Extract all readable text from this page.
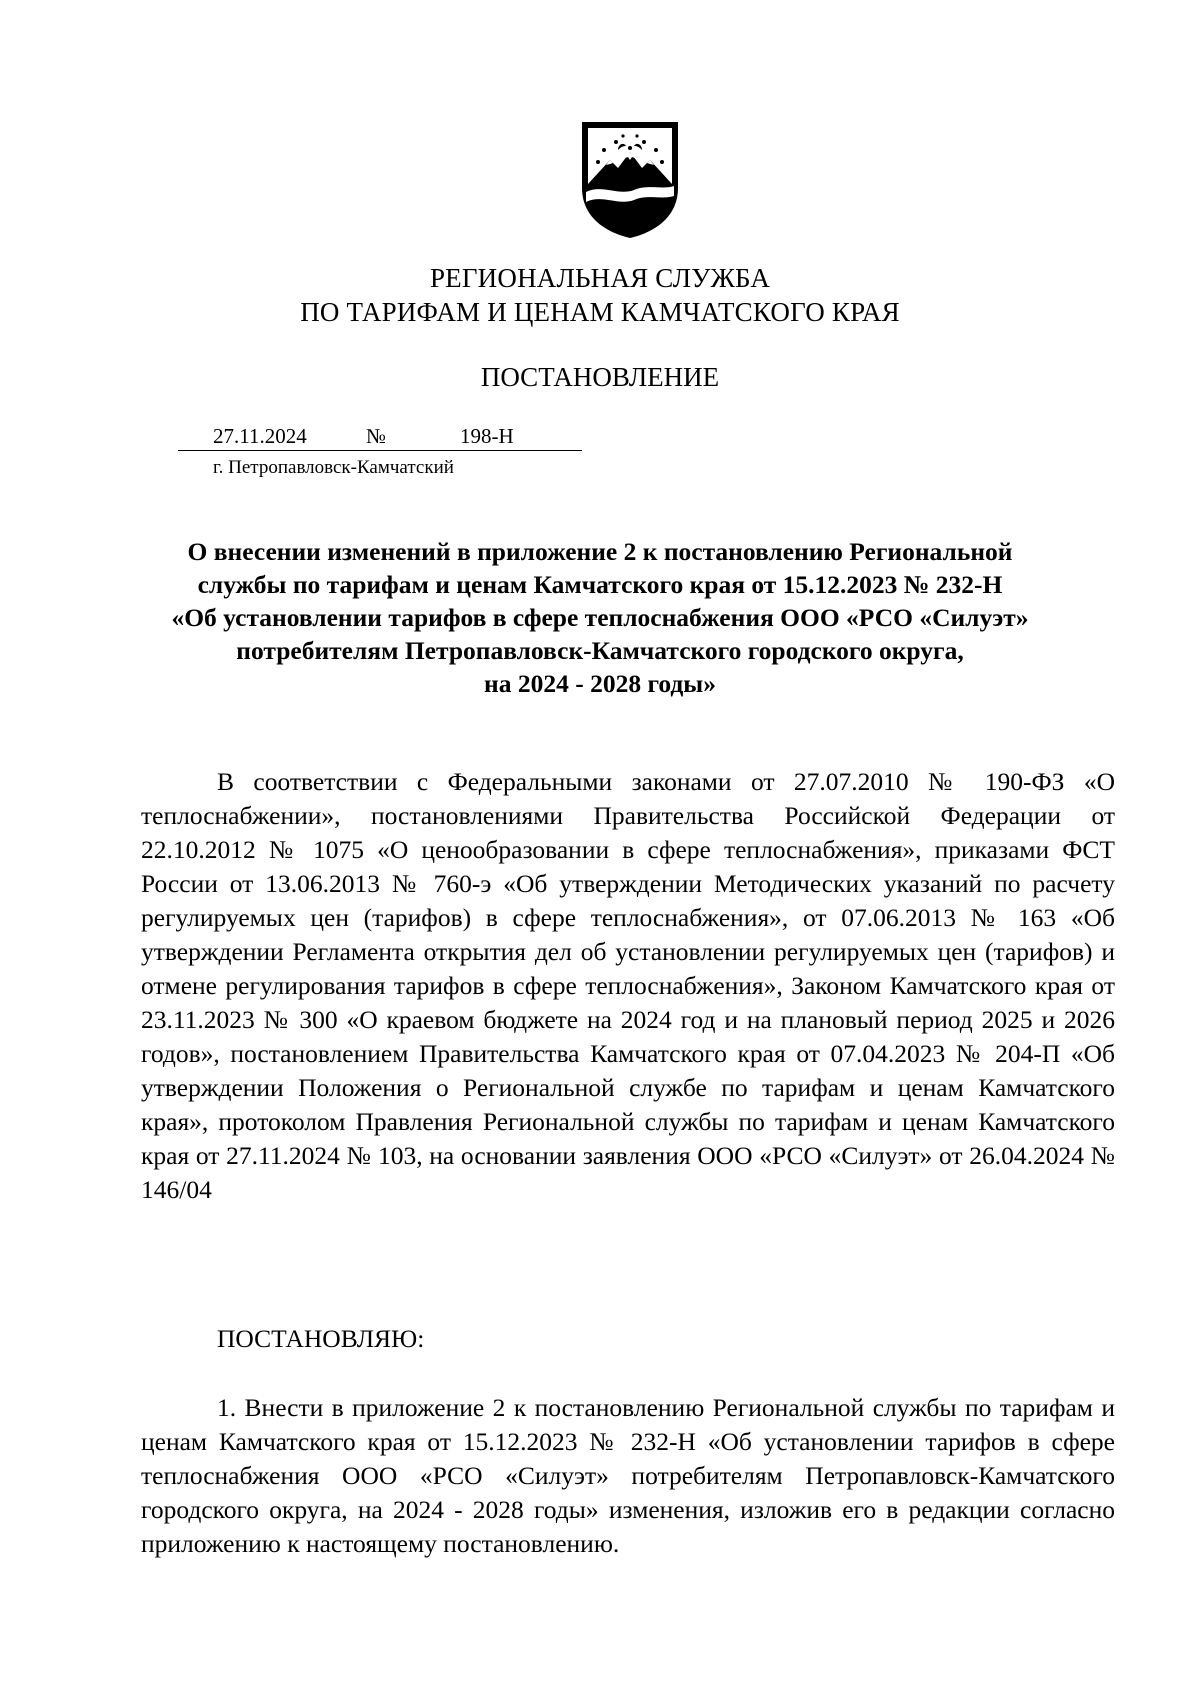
РЕГИОНАЛЬНАЯ СЛУЖБА
ПО ТАРИФАМ И ЦЕНАМ КАМЧАТСКОГО КРАЯ
ПОСТАНОВЛЕНИЕ
27.11.2024	№	198-Н
г. Петропавловск-Камчатский
О внесении изменений в приложение 2 к постановлению Региональной
службы по тарифам и ценам Камчатского края от 15.12.2023 № 232-Н
«Об установлении тарифов в сфере теплоснабжения ООО «РСО «Силуэт»
потребителям Петропавловск-Камчатского городского округа,
на 2024 - 2028 годы»
В соответствии с Федеральными законами от 27.07.2010 № 190-ФЗ «О теплоснабжении», постановлениями Правительства Российской Федерации от 22.10.2012 № 1075 «О ценообразовании в сфере теплоснабжения», приказами ФСТ России от 13.06.2013 № 760-э «Об утверждении Методических указаний по расчету регулируемых цен (тарифов) в сфере теплоснабжения», от 07.06.2013 № 163 «Об утверждении Регламента открытия дел об установлении регулируемых цен (тарифов) и отмене регулирования тарифов в сфере теплоснабжения», Законом Камчатского края от 23.11.2023 № 300 «О краевом бюджете на 2024 год и на плановый период 2025 и 2026 годов», постановлением Правительства Камчатского края от 07.04.2023 № 204-П «Об утверждении Положения о Региональной службе по тарифам и ценам Камчатского края», протоколом Правления Региональной службы по тарифам и ценам Камчатского края от 27.11.2024 № 103, на основании заявления ООО «РСО «Силуэт» от 26.04.2024 № 146/04
ПОСТАНОВЛЯЮ:
1. Внести в приложение 2 к постановлению Региональной службы по тарифам и ценам Камчатского края от 15.12.2023 № 232-Н «Об установлении тарифов в сфере теплоснабжения ООО «РСО «Силуэт» потребителям Петропавловск-Камчатского городского округа, на 2024 - 2028 годы» изменения, изложив его в редакции согласно приложению к настоящему постановлению.
